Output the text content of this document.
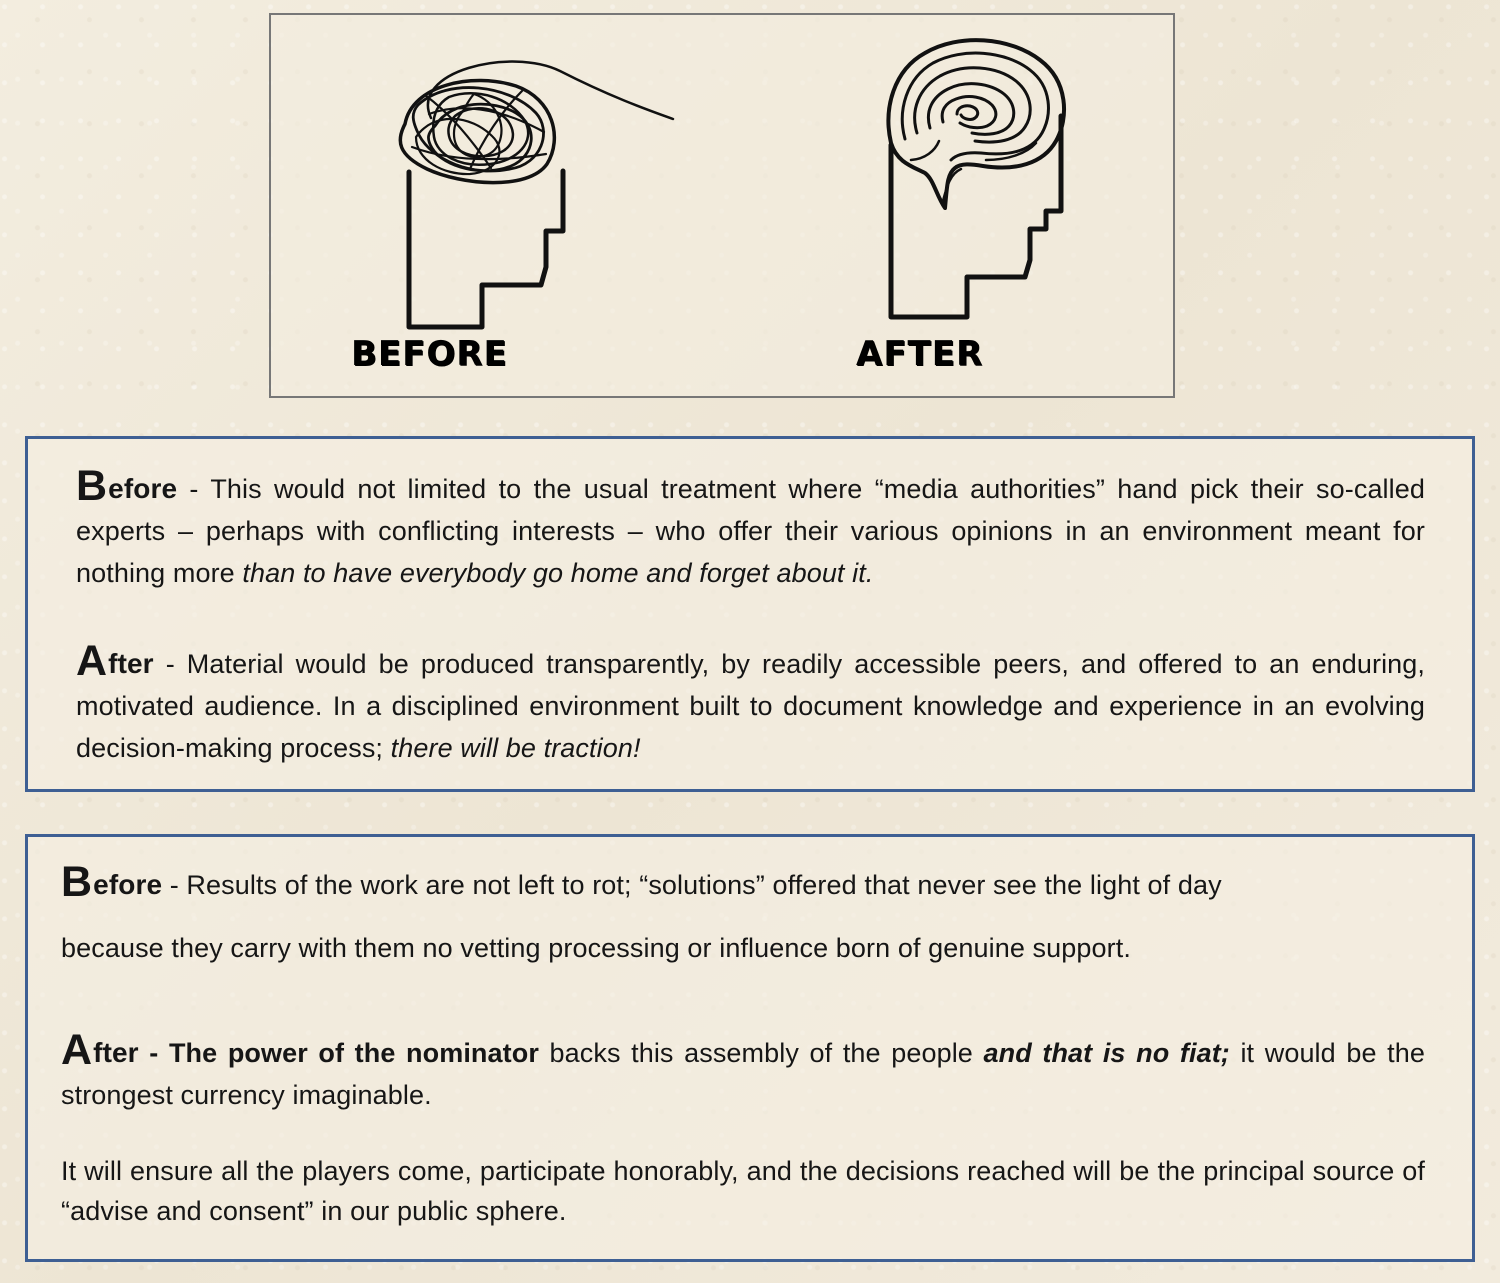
BEFORE	AFTER

Before - This would not limited to the usual treatment where “media authorities” hand pick their so-called experts – perhaps with conflicting interests – who offer their various opinions in an environment meant for nothing more than to have everybody go home and forget about it.

After - Material would be produced transparently, by readily accessible peers, and offered to an enduring, motivated audience. In a disciplined environment built to document knowledge and experience in an evolving decision-making process; there will be traction!

Before - Results of the work are not left to rot; “solutions” offered that never see the light of day

because they carry with them no vetting processing or influence born of genuine support.

After - The power of the nominator backs this assembly of the people and that is no fiat; it would be the strongest currency imaginable.

It will ensure all the players come, participate honorably, and the decisions reached will be the principal source of “advise and consent” in our public sphere.
